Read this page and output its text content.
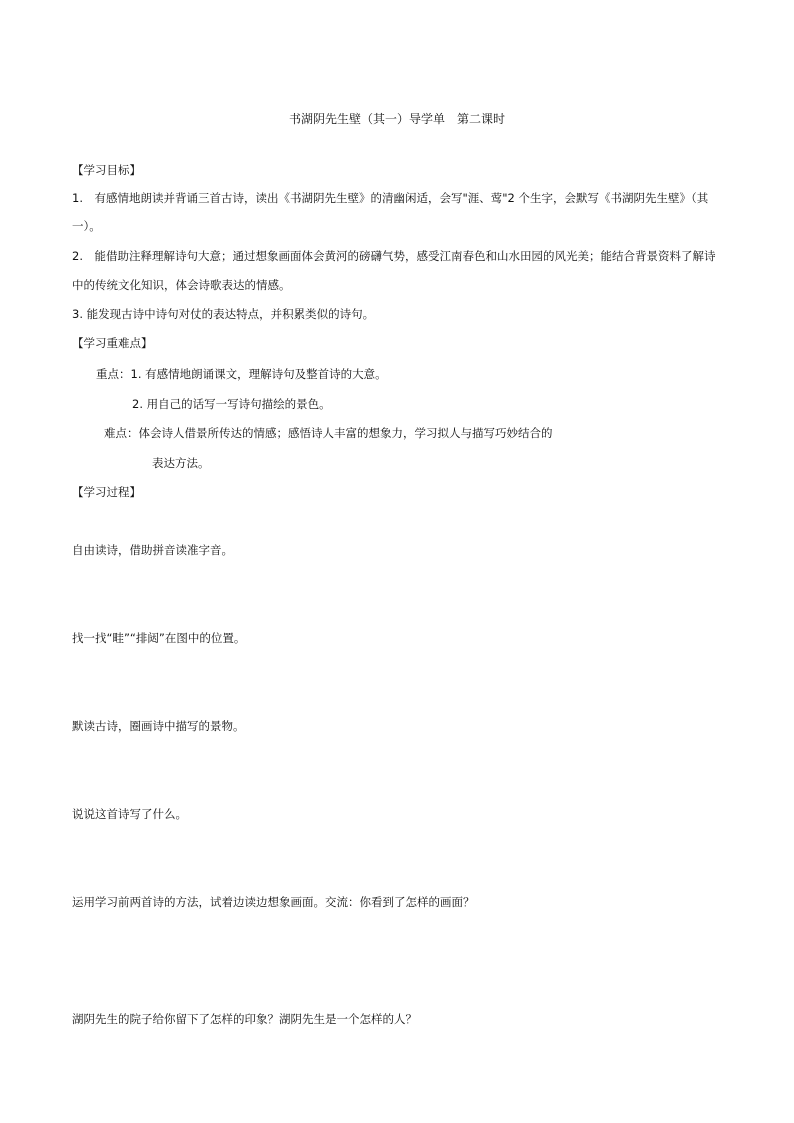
书湖阴先生壁（其一）导学单　第二课时
【学习目标】
1.　有感情地朗读并背诵三首古诗，读出《书湖阴先生壁》的清幽闲适，会写"涯、莺"2 个生字，会默写《书湖阴先生壁》（其
一）。
2.　能借助注释理解诗句大意；通过想象画面体会黄河的磅礴气势，感受江南春色和山水田园的风光美；能结合背景资料了解诗
中的传统文化知识，体会诗歌表达的情感。
3. 能发现古诗中诗句对仗的表达特点，并积累类似的诗句。
【学习重难点】
重点：1. 有感情地朗诵课文，理解诗句及整首诗的大意。
2. 用自己的话写一写诗句描绘的景色。
难点：体会诗人借景所传达的情感；感悟诗人丰富的想象力，学习拟人与描写巧妙结合的
表达方法。
【学习过程】
自由读诗，借助拼音读准字音。
找一找“畦”“排闼”在图中的位置。
默读古诗，圈画诗中描写的景物。
说说这首诗写了什么。
运用学习前两首诗的方法，试着边读边想象画面。交流：你看到了怎样的画面？
湖阴先生的院子给你留下了怎样的印象？湖阴先生是一个怎样的人？
